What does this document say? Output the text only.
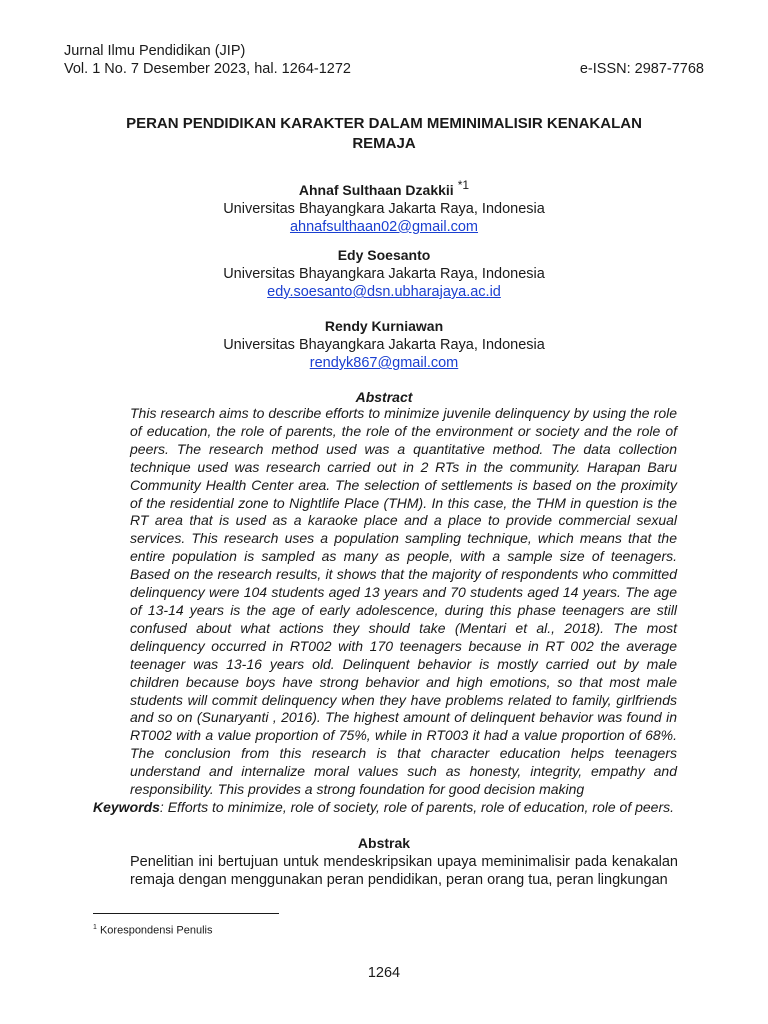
Jurnal Ilmu Pendidikan (JIP)
Vol. 1 No. 7 Desember 2023, hal. 1264-1272	e-ISSN: 2987-7768
PERAN PENDIDIKAN KARAKTER DALAM MEMINIMALISIR KENAKALAN REMAJA
Ahnaf Sulthaan Dzakkii $^{*1}$
Universitas Bhayangkara Jakarta Raya, Indonesia
ahnafsulthaan02@gmail.com
Edy Soesanto
Universitas Bhayangkara Jakarta Raya, Indonesia
edy.soesanto@dsn.ubharajaya.ac.id
Rendy Kurniawan
Universitas Bhayangkara Jakarta Raya, Indonesia
rendyk867@gmail.com
Abstract
This research aims to describe efforts to minimize juvenile delinquency by using the role of education, the role of parents, the role of the environment or society and the role of peers. The research method used was a quantitative method. The data collection technique used was research carried out in 2 RTs in the community. Harapan Baru Community Health Center area. The selection of settlements is based on the proximity of the residential zone to Nightlife Place (THM). In this case, the THM in question is the RT area that is used as a karaoke place and a place to provide commercial sexual services. This research uses a population sampling technique, which means that the entire population is sampled as many as people, with a sample size of teenagers. Based on the research results, it shows that the majority of respondents who committed delinquency were 104 students aged 13 years and 70 students aged 14 years. The age of 13-14 years is the age of early adolescence, during this phase teenagers are still confused about what actions they should take (Mentari et al., 2018). The most delinquency occurred in RT002 with 170 teenagers because in RT 002 the average teenager was 13-16 years old. Delinquent behavior is mostly carried out by male children because boys have strong behavior and high emotions, so that most male students will commit delinquency when they have problems related to family, girlfriends and so on (Sunaryanti , 2016). The highest amount of delinquent behavior was found in RT002 with a value proportion of 75%, while in RT003 it had a value proportion of 68%. The conclusion from this research is that character education helps teenagers understand and internalize moral values such as honesty, integrity, empathy and responsibility. This provides a strong foundation for good decision making
Keywords: Efforts to minimize, role of society, role of parents, role of education, role of peers.
Abstrak
Penelitian ini bertujuan untuk mendeskripsikan upaya meminimalisir pada kenakalan remaja dengan menggunakan peran pendidikan, peran orang tua, peran lingkungan
$^1$ Korespondensi Penulis
1264
